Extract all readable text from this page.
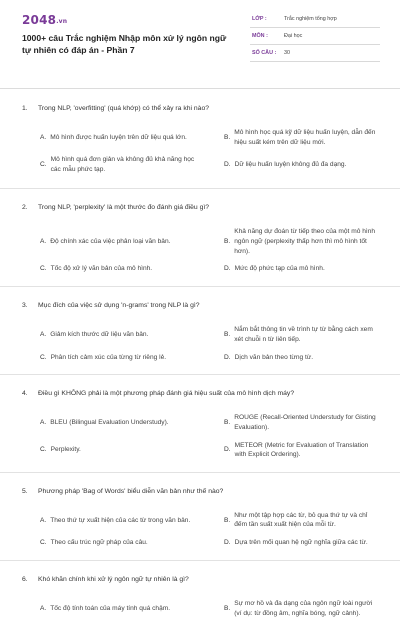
2048.vn
1000+ câu Trắc nghiệm Nhập môn xử lý ngôn ngữ tự nhiên có đáp án - Phần 7
LỚP :	Trắc nghiệm tổng hợp
MÔN :	Đại học
SỐ CÂU : 30
1. Trong NLP, 'overfitting' (quá khớp) có thể xảy ra khi nào?
A. Mô hình được huấn luyện trên dữ liệu quá lớn.	B.
Mô hình học quá kỹ dữ liệu huấn luyện, dẫn đến hiệu suất kém trên dữ liệu mới.
C.
Mô hình quá đơn giản và không đủ khả năng học các mẫu phức tạp.
D. Dữ liệu huấn luyện không đủ đa dạng.
2. Trong NLP, 'perplexity' là một thước đo đánh giá điều gì?
A. Độ chính xác của việc phân loại văn bản.	B.
Khả năng dự đoán từ tiếp theo của một mô hình ngôn ngữ (perplexity thấp hơn thì mô hình tốt hơn).
C. Tốc độ xử lý văn bản của mô hình.	D. Mức độ phức tạp của mô hình.
3. Mục đích của việc sử dụng 'n-grams' trong NLP là gì?
A. Giảm kích thước dữ liệu văn bản.	B.
Nắm bắt thông tin về trình tự từ bằng cách xem xét chuỗi n từ liên tiếp.
C. Phân tích cảm xúc của từng từ riêng lẻ.	D. Dịch văn bản theo từng từ.
4. Điều gì KHÔNG phải là một phương pháp đánh giá hiệu suất của mô hình dịch máy?
A. BLEU (Bilingual Evaluation Understudy).	B.
ROUGE (Recall-Oriented Understudy for Gisting Evaluation).
C. Perplexity.	D.
METEOR (Metric for Evaluation of Translation with Explicit Ordering).
5. Phương pháp 'Bag of Words' biểu diễn văn bản như thế nào?
A. Theo thứ tự xuất hiện của các từ trong văn bản.	B.
Như một tập hợp các từ, bỏ qua thứ tự và chỉ đếm tần suất xuất hiện của mỗi từ.
C. Theo cấu trúc ngữ pháp của câu.	D. Dựa trên mối quan hệ ngữ nghĩa giữa các từ.
6. Khó khăn chính khi xử lý ngôn ngữ tự nhiên là gì?
A. Tốc độ tính toán của máy tính quá chậm.	B.
Sự mơ hồ và đa dạng của ngôn ngữ loài người (ví dụ: từ đồng âm, nghĩa bóng, ngữ cảnh).
